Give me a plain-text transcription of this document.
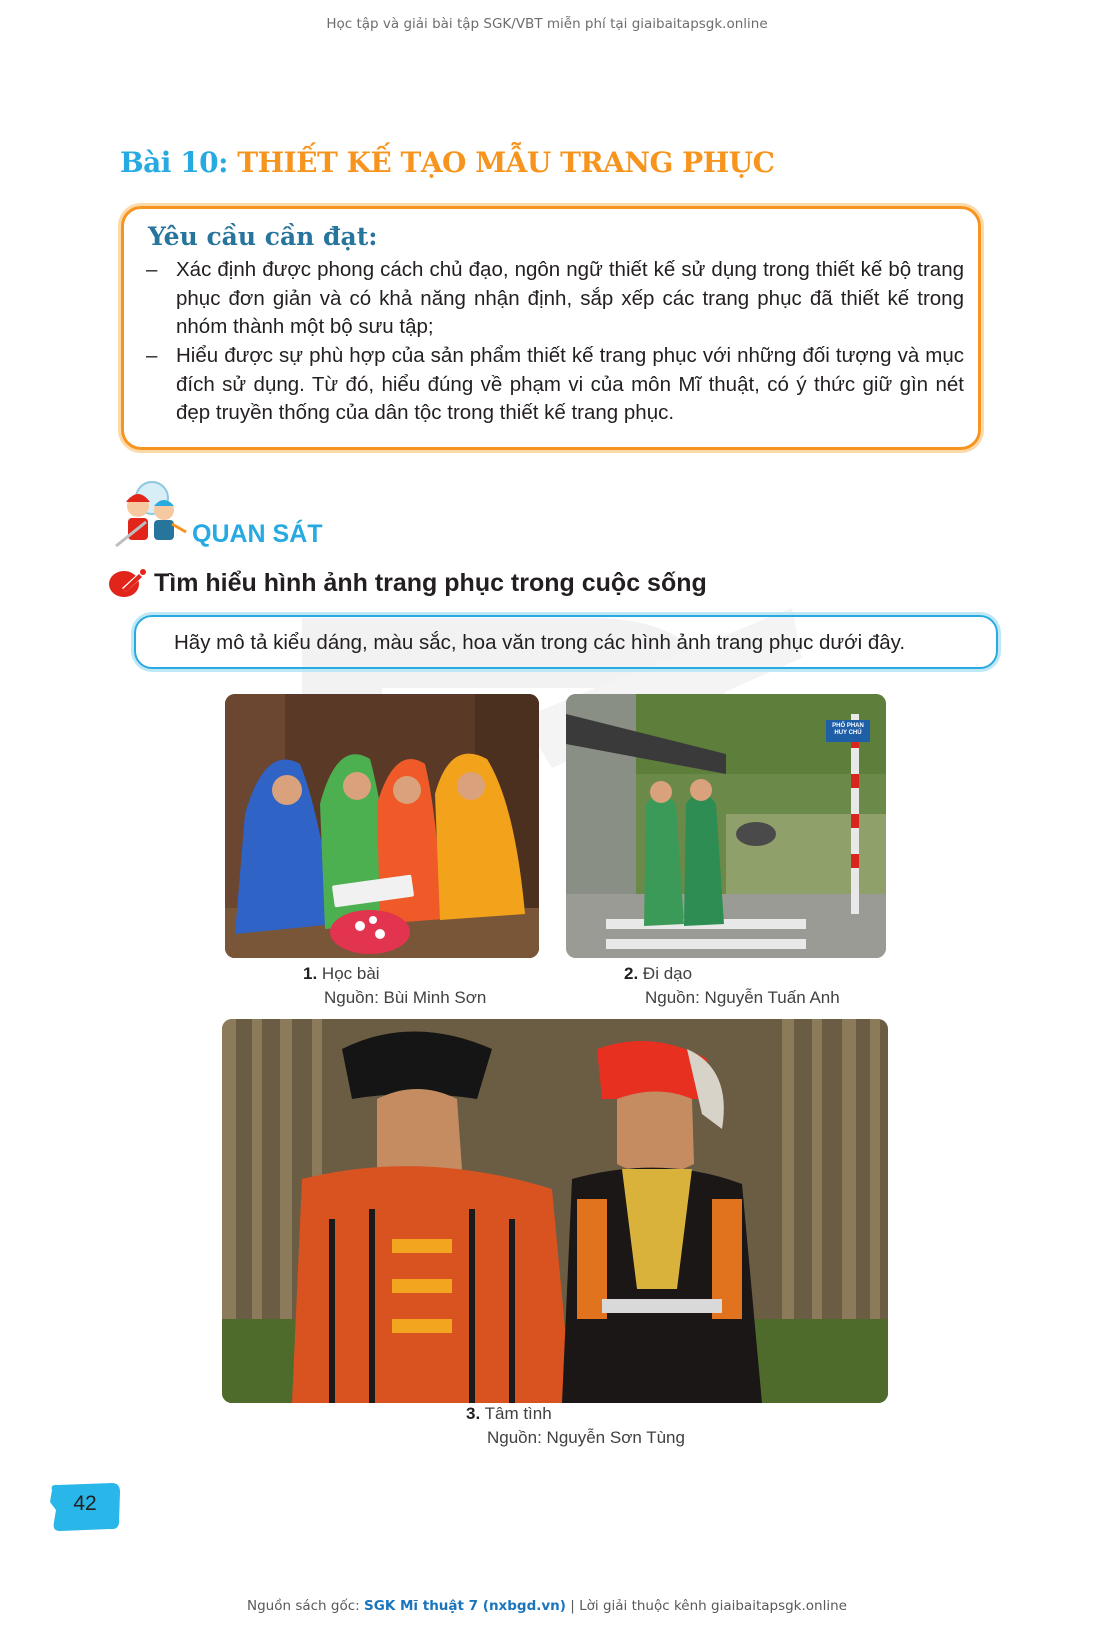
Học tập và giải bài tập SGK/VBT miễn phí tại giaibaitapsgk.online
Bài 10: THIẾT KẾ TẠO MẪU TRANG PHỤC
Yêu cầu cần đạt:
– Xác định được phong cách chủ đạo, ngôn ngữ thiết kế sử dụng trong thiết kế bộ trang phục đơn giản và có khả năng nhận định, sắp xếp các trang phục đã thiết kế trong nhóm thành một bộ sưu tập;
– Hiểu được sự phù hợp của sản phẩm thiết kế trang phục với những đối tượng và mục đích sử dụng. Từ đó, hiểu đúng về phạm vi của môn Mĩ thuật, có ý thức giữ gìn nét đẹp truyền thống của dân tộc trong thiết kế trang phục.
QUAN SÁT
Tìm hiểu hình ảnh trang phục trong cuộc sống
Hãy mô tả kiểu dáng, màu sắc, hoa văn trong các hình ảnh trang phục dưới đây.
PHỐ PHAN HUY CHÚ
1. Học bài
Nguồn: Bùi Minh Sơn
2. Đi dạo
Nguồn: Nguyễn Tuấn Anh
3. Tâm tình
Nguồn: Nguyễn Sơn Tùng
42
Nguồn sách gốc: SGK Mĩ thuật 7 (nxbgd.vn) | Lời giải thuộc kênh giaibaitapsgk.online
